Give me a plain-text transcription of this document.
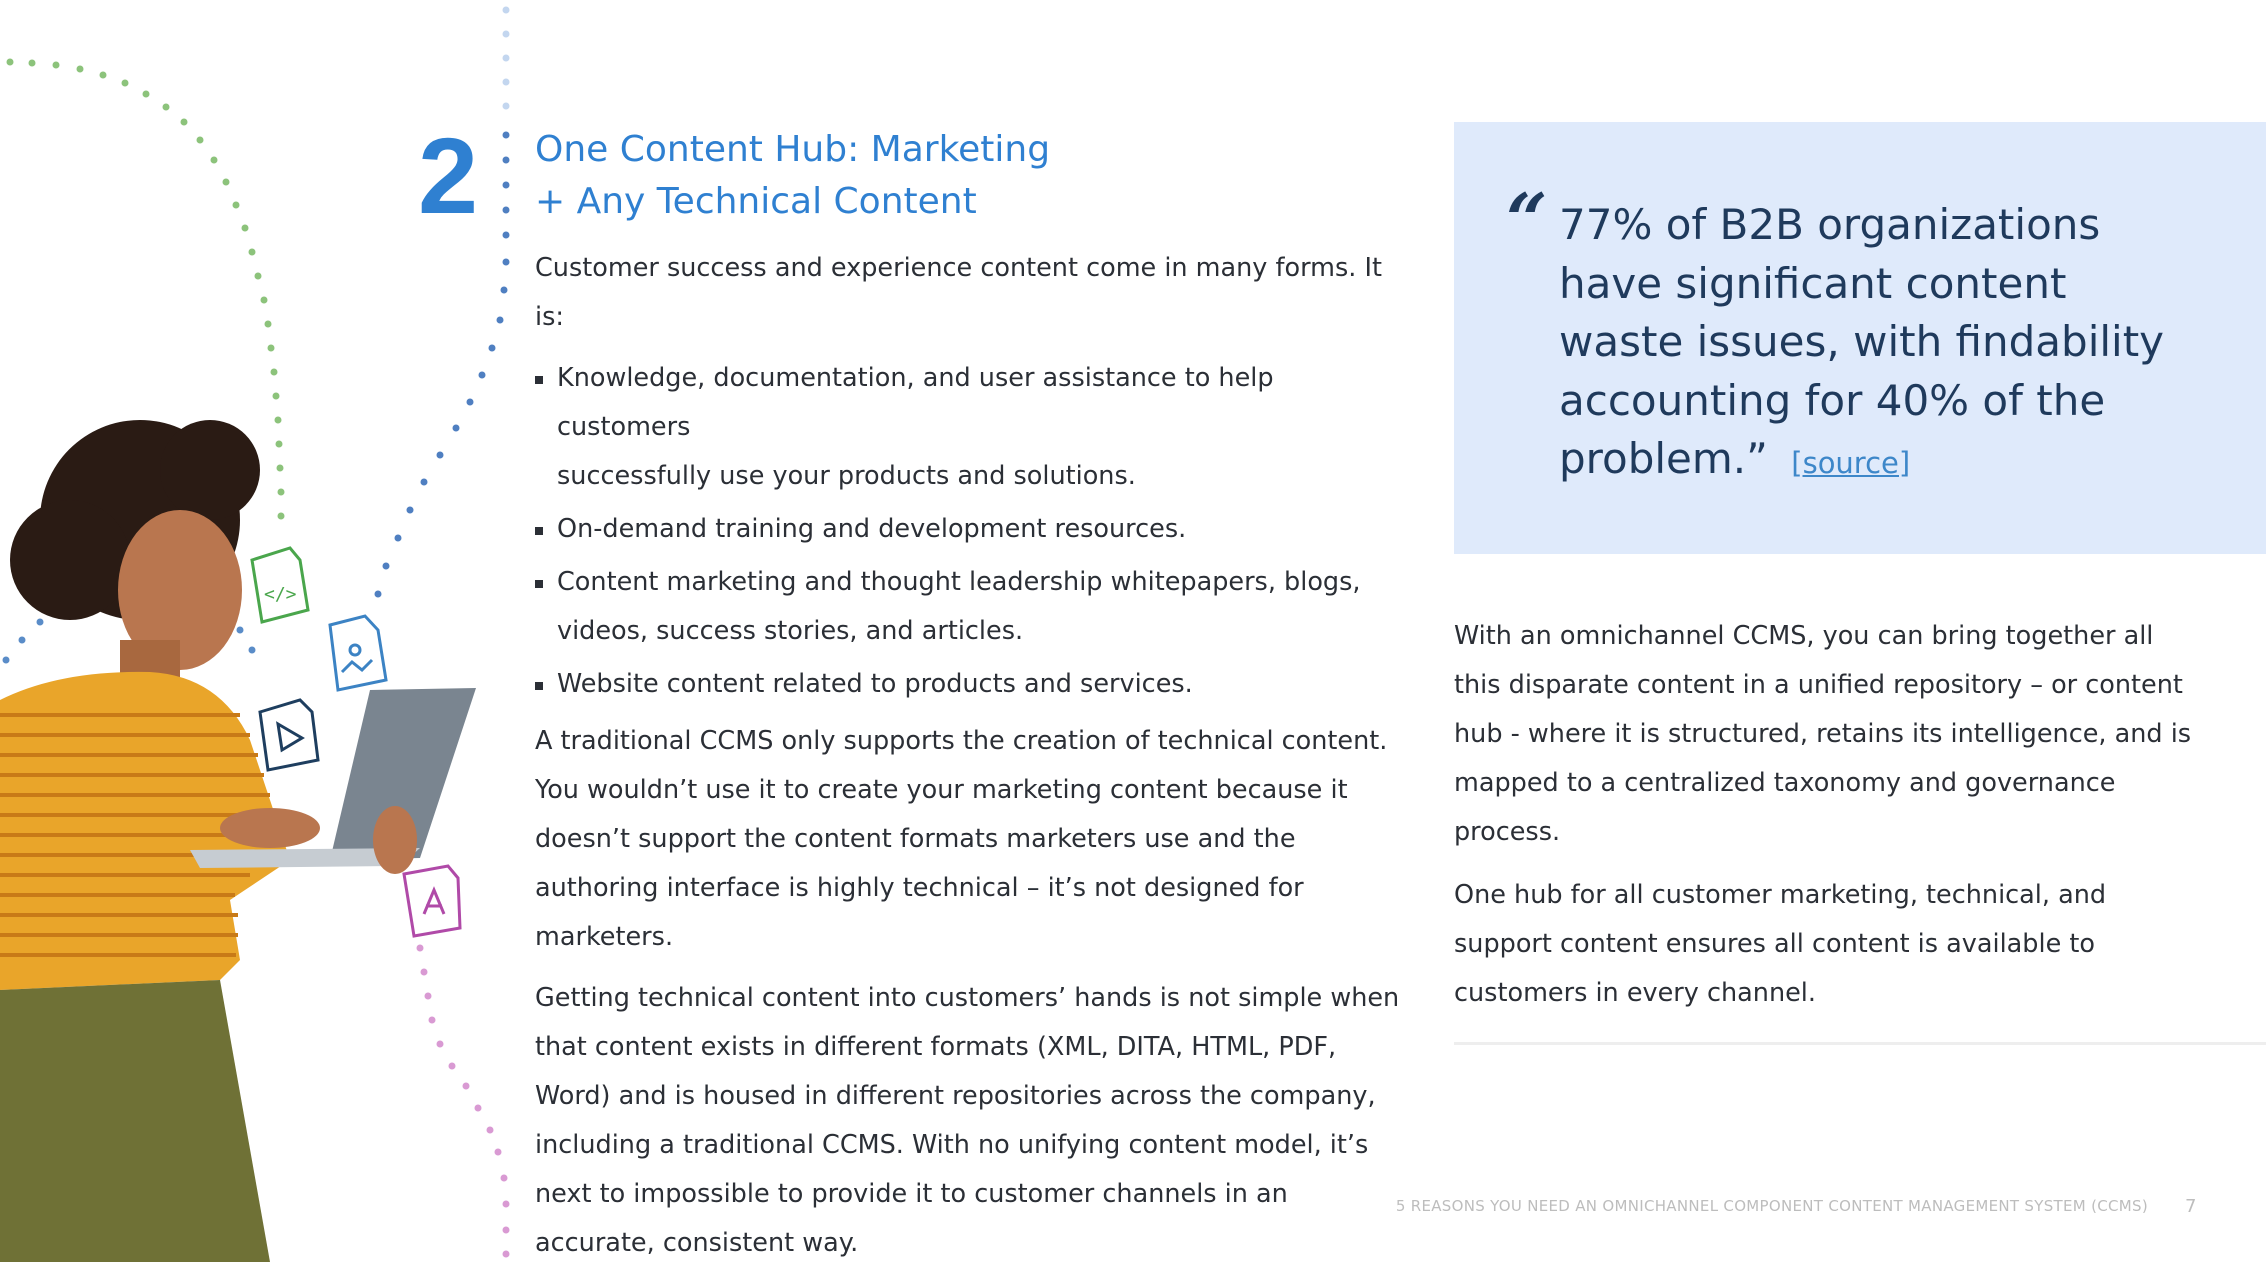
</>
2 One Content Hub: Marketing
+ Any Technical Content

Customer success and experience content come in many forms. It is:

Knowledge, documentation, and user assistance to help customers
successfully use your products and solutions.
On-demand training and development resources.
Content marketing and thought leadership whitepapers, blogs,
videos, success stories, and articles.
Website content related to products and services.

A traditional CCMS only supports the creation of technical content. You wouldn’t use it to create your marketing content because it doesn’t support the content formats marketers use and the authoring interface is highly technical – it’s not designed for marketers.

Getting technical content into customers’ hands is not simple when that content exists in different formats (XML, DITA, HTML, PDF, Word) and is housed in different repositories across the company, including a traditional CCMS. With no unifying content model, it’s next to impossible to provide it to customer channels in an accurate, consistent way.

“ 77% of B2B organizations have significant content waste issues, with findability accounting for 40% of the problem.” [source]

With an omnichannel CCMS, you can bring together all this disparate content in a unified repository – or content hub - where it is structured, retains its intelligence, and is mapped to a centralized taxonomy and governance process.

One hub for all customer marketing, technical, and support content ensures all content is available to customers in every channel.

5 REASONS YOU NEED AN OMNICHANNEL COMPONENT CONTENT MANAGEMENT SYSTEM (CCMS) 7
